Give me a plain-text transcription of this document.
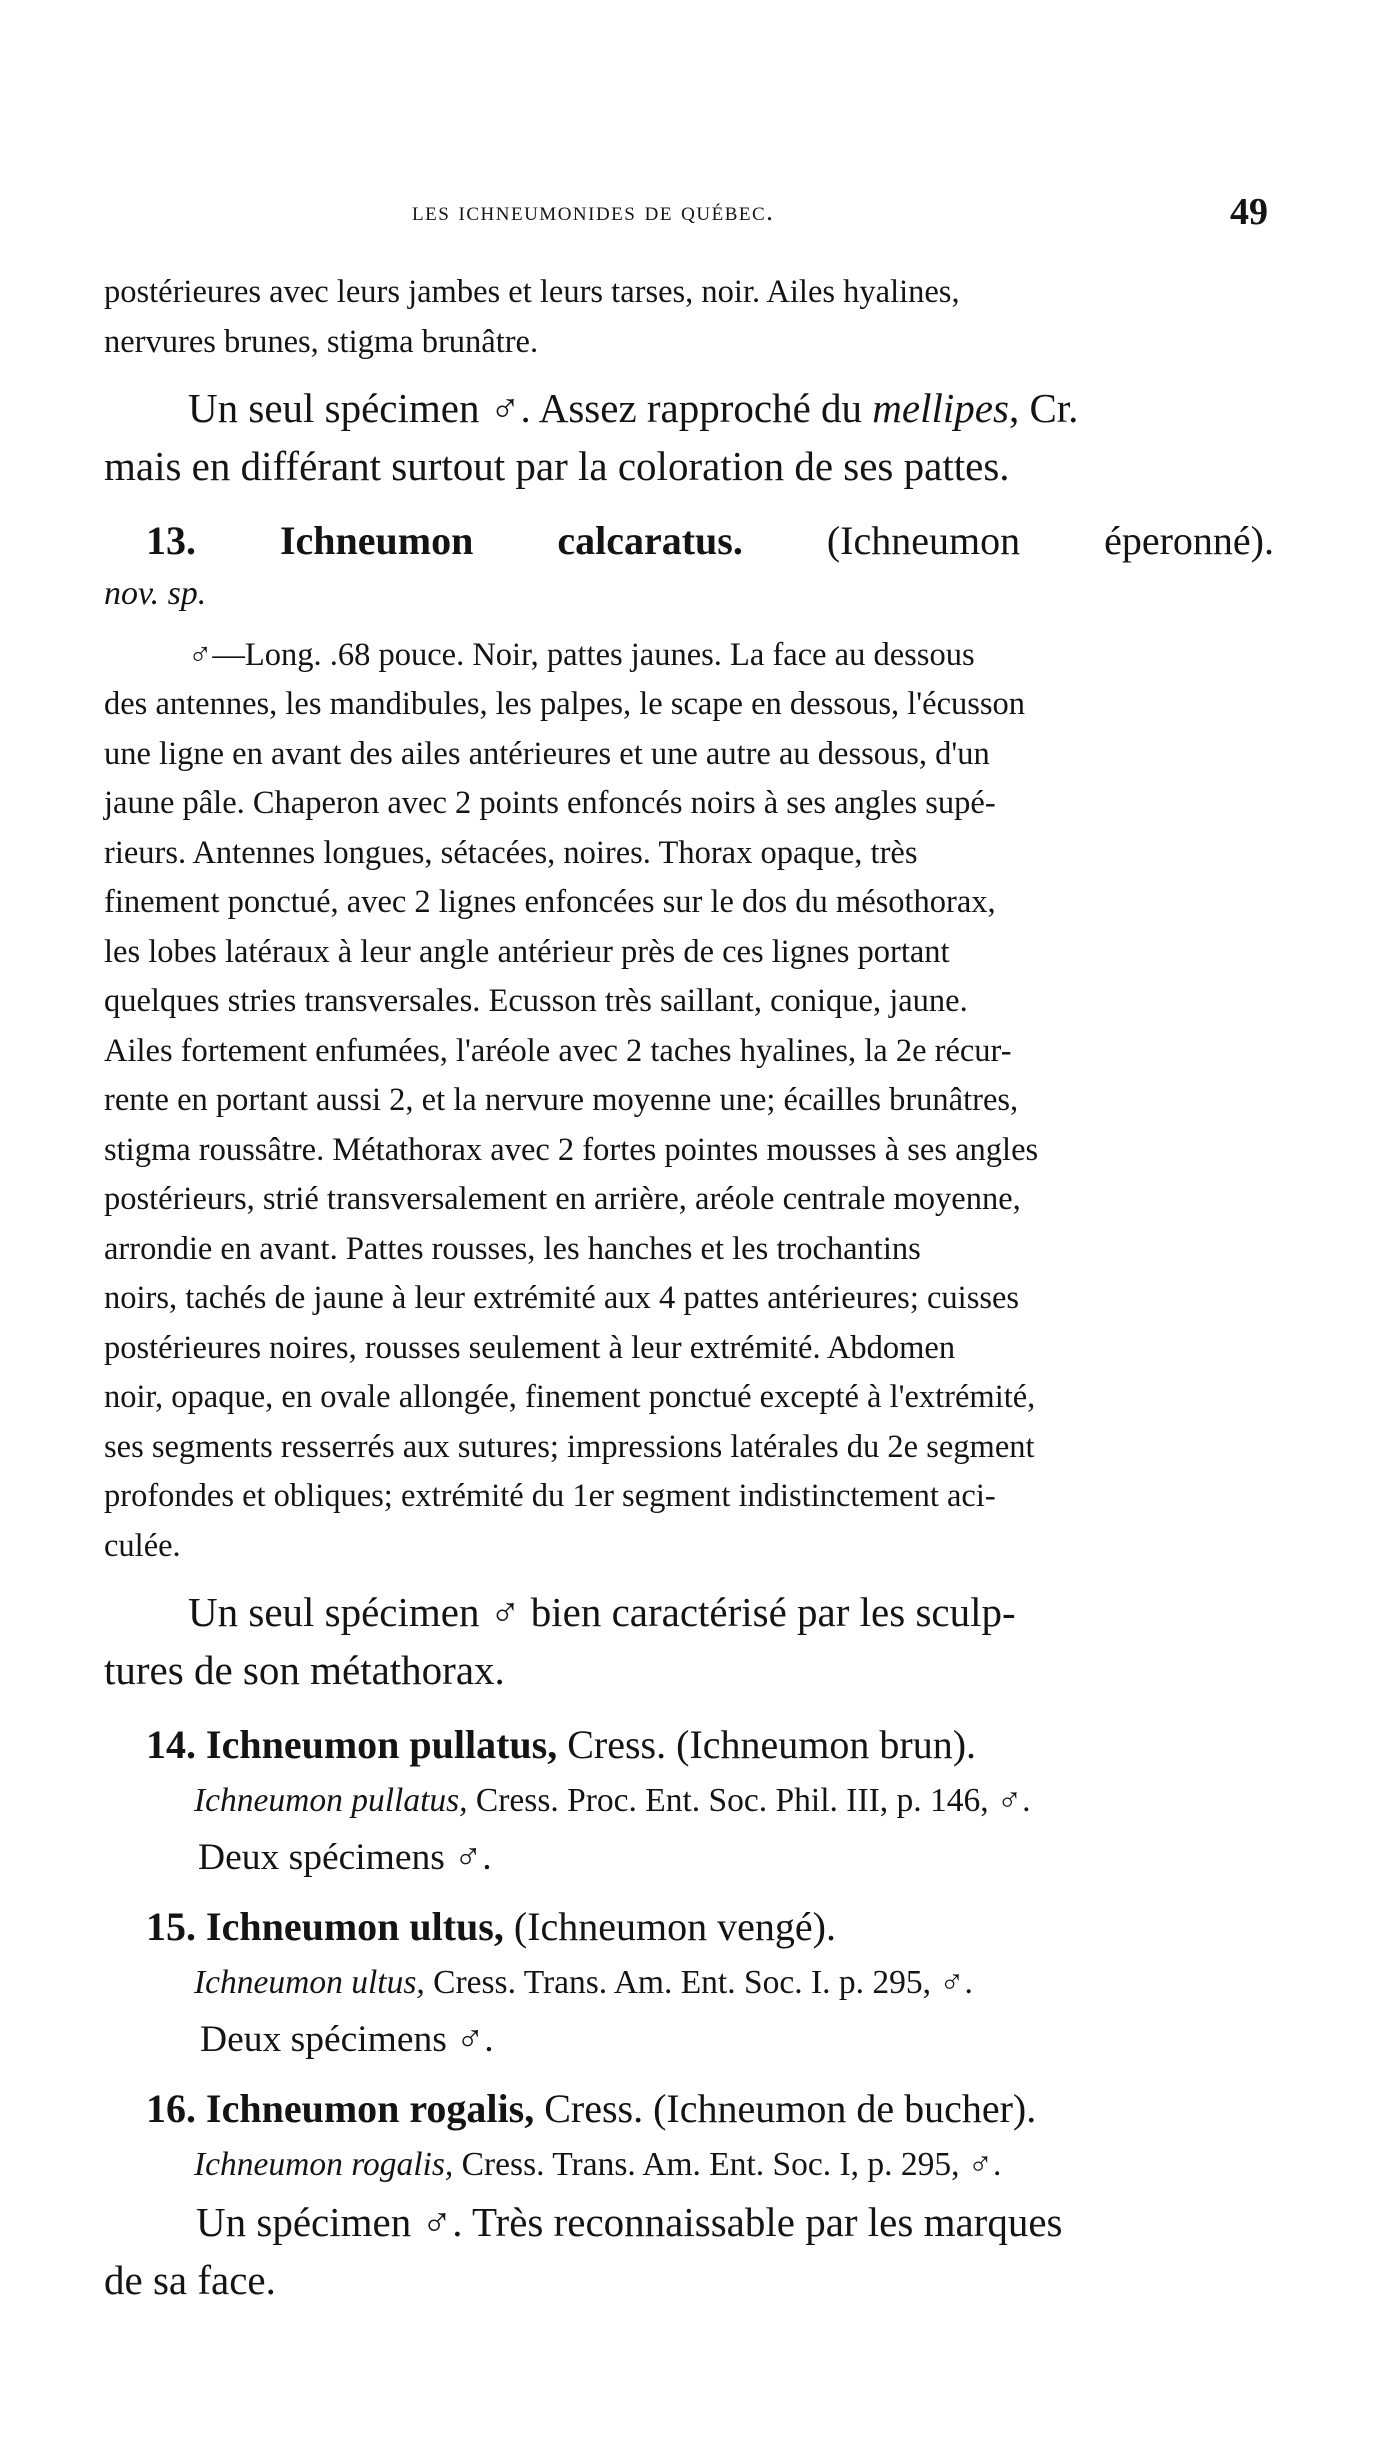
les ichneumonides de québec.	49

postérieures avec leurs jambes et leurs tarses, noir. Ailes hyalines,

nervures brunes, stigma brunâtre.

Un seul spécimen ♂. Assez rapproché du mellipes, Cr.

mais en différant surtout par la coloration de ses pattes.

13. Ichneumon calcaratus. (Ichneumon éperonné).

nov. sp.

♂—Long. .68 pouce. Noir, pattes jaunes. La face au dessous

des antennes, les mandibules, les palpes, le scape en dessous, l'écusson

une ligne en avant des ailes antérieures et une autre au dessous, d'un

jaune pâle. Chaperon avec 2 points enfoncés noirs à ses angles supé-

rieurs. Antennes longues, sétacées, noires. Thorax opaque, très

finement ponctué, avec 2 lignes enfoncées sur le dos du mésothorax,

les lobes latéraux à leur angle antérieur près de ces lignes portant

quelques stries transversales. Ecusson très saillant, conique, jaune.

Ailes fortement enfumées, l'aréole avec 2 taches hyalines, la 2e récur-

rente en portant aussi 2, et la nervure moyenne une; écailles brunâtres,

stigma roussâtre. Métathorax avec 2 fortes pointes mousses à ses angles

postérieurs, strié transversalement en arrière, aréole centrale moyenne,

arrondie en avant. Pattes rousses, les hanches et les trochantins

noirs, tachés de jaune à leur extrémité aux 4 pattes antérieures; cuisses

postérieures noires, rousses seulement à leur extrémité. Abdomen

noir, opaque, en ovale allongée, finement ponctué excepté à l'extrémité,

ses segments resserrés aux sutures; impressions latérales du 2e segment

profondes et obliques; extrémité du 1er segment indistinctement aci-

culée.

Un seul spécimen ♂ bien caractérisé par les sculp-

tures de son métathorax.

14. Ichneumon pullatus, Cress. (Ichneumon brun).

Ichneumon pullatus, Cress. Proc. Ent. Soc. Phil. III, p. 146, ♂.

Deux spécimens ♂.

15. Ichneumon ultus, (Ichneumon vengé).

Ichneumon ultus, Cress. Trans. Am. Ent. Soc. I. p. 295, ♂.

Deux spécimens ♂.

16. Ichneumon rogalis, Cress. (Ichneumon de bucher).

Ichneumon rogalis, Cress. Trans. Am. Ent. Soc. I, p. 295, ♂.

Un spécimen ♂. Très reconnaissable par les marques

de sa face.
